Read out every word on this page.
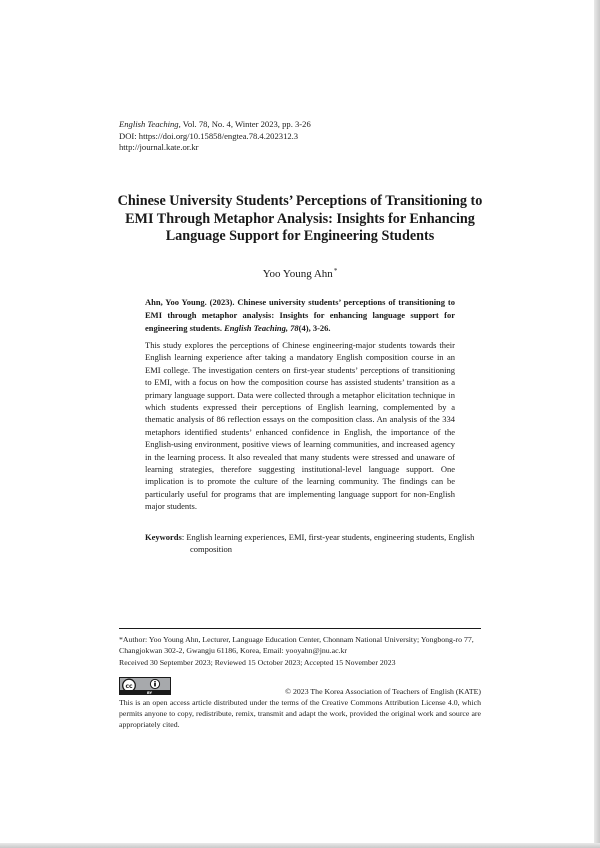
English Teaching, Vol. 78, No. 4, Winter 2023, pp. 3-26
DOI: https://doi.org/10.15858/engtea.78.4.202312.3
http://journal.kate.or.kr
Chinese University Students’ Perceptions of Transitioning to EMI Through Metaphor Analysis: Insights for Enhancing Language Support for Engineering Students
Yoo Young Ahn*
Ahn, Yoo Young. (2023). Chinese university students’ perceptions of transitioning to EMI through metaphor analysis: Insights for enhancing language support for engineering students. English Teaching, 78(4), 3-26.
This study explores the perceptions of Chinese engineering-major students towards their English learning experience after taking a mandatory English composition course in an EMI college. The investigation centers on first-year students’ perceptions of transitioning to EMI, with a focus on how the composition course has assisted students’ transition as a primary language support. Data were collected through a metaphor elicitation technique in which students expressed their perceptions of English learning, complemented by a thematic analysis of 86 reflection essays on the composition class. An analysis of the 334 metaphors identified students’ enhanced confidence in English, the importance of the English-using environment, positive views of learning communities, and increased agency in the learning process. It also revealed that many students were stressed and unaware of learning strategies, therefore suggesting institutional-level language support. One implication is to promote the culture of the learning community. The findings can be particularly useful for programs that are implementing language support for non-English major students.
Keywords: English learning experiences, EMI, first-year students, engineering students, English composition
*Author: Yoo Young Ahn, Lecturer, Language Education Center, Chonnam National University; Yongbong-ro 77, Changjokwan 302-2, Gwangju 61186, Korea, Email: yooyahn@jnu.ac.kr
Received 30 September 2023; Reviewed 15 October 2023; Accepted 15 November 2023
cc
BY	© 2023 The Korea Association of Teachers of English (KATE)
This is an open access article distributed under the terms of the Creative Commons Attribution License 4.0, which permits anyone to copy, redistribute, remix, transmit and adapt the work, provided the original work and source are appropriately cited.
